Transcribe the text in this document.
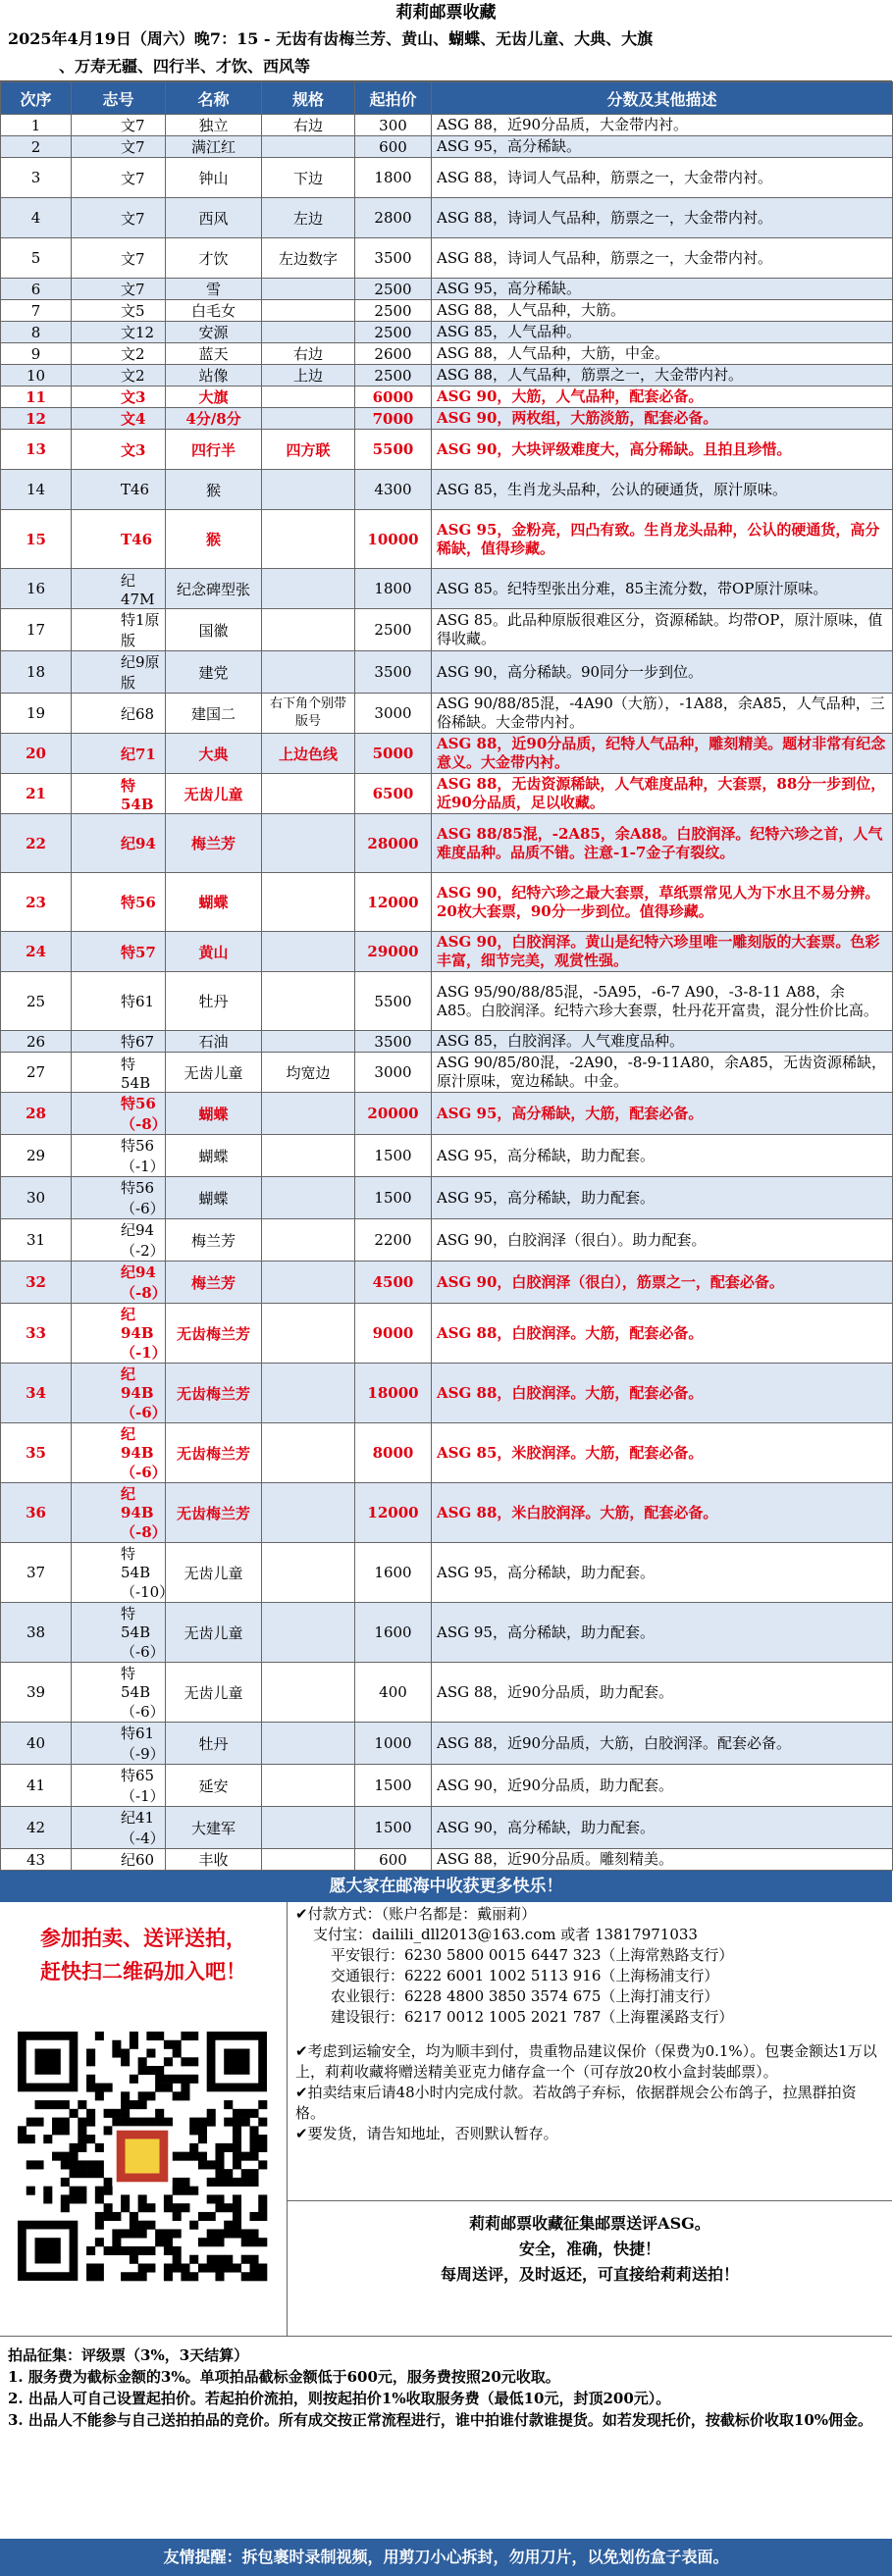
莉莉邮票收藏
2025年4月19日（周六）晚7：15 - 无齿有齿梅兰芳、黄山、蝴蝶、无齿儿童、大典、大旗
、万寿无疆、四行半、才饮、西风等
次序	志号	名称	规格	起拍价	分数及其他描述
1	文7	独立	右边	300	ASG 88，近90分品质，大金带内衬。
2	文7	满江红		600	ASG 95，高分稀缺。
3	文7	钟山	下边	1800	ASG 88，诗词人气品种，筋票之一，大金带内衬。
4	文7	西风	左边	2800	ASG 88，诗词人气品种，筋票之一，大金带内衬。
5	文7	才饮	左边数字	3500	ASG 88，诗词人气品种，筋票之一，大金带内衬。
6	文7	雪		2500	ASG 95，高分稀缺。
7	文5	白毛女		2500	ASG 88，人气品种，大筋。
8	文12	安源		2500	ASG 85，人气品种。
9	文2	蓝天	右边	2600	ASG 88，人气品种，大筋，中金。
10	文2	站像	上边	2500	ASG 88，人气品种，筋票之一，大金带内衬。
11	文3	大旗		6000	ASG 90，大筋，人气品种，配套必备。
12	文4	4分/8分		7000	ASG 90，两枚组，大筋淡筋，配套必备。
13	文3	四行半	四方联	5500	ASG 90，大块评级难度大，高分稀缺。且拍且珍惜。
14	T46	猴		4300	ASG 85，生肖龙头品种，公认的硬通货，原汁原味。
15	T46	猴		10000	ASG 95，金粉亮，四凸有致。生肖龙头品种，公认的硬通货，高分稀缺，值得珍藏。
16	纪47M	纪念碑型张		1800	ASG 85。纪特型张出分难，85主流分数，带OP原汁原味。
17	特1原版	国徽		2500	ASG 85。此品种原版很难区分，资源稀缺。均带OP，原汁原味，值得收藏。
18	纪9原版	建党		3500	ASG 90，高分稀缺。90同分一步到位。
19	纪68	建国二	右下角个别带版号	3000	ASG 90/88/85混，-4A90（大筋），-1A88，余A85，人气品种，三俗稀缺。大金带内衬。
20	纪71	大典	上边色线	5000	ASG 88，近90分品质，纪特人气品种，雕刻精美。题材非常有纪念意义。大金带内衬。
21	特54B	无齿儿童		6500	ASG 88，无齿资源稀缺，人气难度品种，大套票，88分一步到位，近90分品质，足以收藏。
22	纪94	梅兰芳		28000	ASG 88/85混，-2A85，余A88。白胶润泽。纪特六珍之首，人气难度品种。品质不错。注意-1-7金子有裂纹。
23	特56	蝴蝶		12000	ASG 90，纪特六珍之最大套票，草纸票常见人为下水且不易分辨。20枚大套票，90分一步到位。值得珍藏。
24	特57	黄山		29000	ASG 90，白胶润泽。黄山是纪特六珍里唯一雕刻版的大套票。色彩丰富，细节完美，观赏性强。
25	特61	牡丹		5500	ASG 95/90/88/85混，-5A95，-6-7 A90，-3-8-11 A88，余A85。白胶润泽。纪特六珍大套票，牡丹花开富贵，混分性价比高。
26	特67	石油		3500	ASG 85，白胶润泽。人气难度品种。
27	特54B	无齿儿童	均宽边	3000	ASG 90/85/80混，-2A90，-8-9-11A80，余A85，无齿资源稀缺，原汁原味，宽边稀缺。中金。
28	特56（-8）	蝴蝶		20000	ASG 95，高分稀缺，大筋，配套必备。
29	特56（-1）	蝴蝶		1500	ASG 95，高分稀缺，助力配套。
30	特56（-6）	蝴蝶		1500	ASG 95，高分稀缺，助力配套。
31	纪94（-2）	梅兰芳		2200	ASG 90，白胶润泽（很白）。助力配套。
32	纪94（-8）	梅兰芳		4500	ASG 90，白胶润泽（很白），筋票之一，配套必备。
33	纪94B（-1）	无齿梅兰芳		9000	ASG 88，白胶润泽。大筋，配套必备。
34	纪94B（-6）	无齿梅兰芳		18000	ASG 88，白胶润泽。大筋，配套必备。
35	纪94B（-6）	无齿梅兰芳		8000	ASG 85，米胶润泽。大筋，配套必备。
36	纪94B（-8）	无齿梅兰芳		12000	ASG 88，米白胶润泽。大筋，配套必备。
37	特54B（-10）	无齿儿童		1600	ASG 95，高分稀缺，助力配套。
38	特54B（-6）	无齿儿童		1600	ASG 95，高分稀缺，助力配套。
39	特54B（-6）	无齿儿童		400	ASG 88，近90分品质，助力配套。
40	特61（-9）	牡丹		1000	ASG 88，近90分品质，大筋，白胶润泽。配套必备。
41	特65（-1）	延安		1500	ASG 90，近90分品质，助力配套。
42	纪41（-4）	大建军		1500	ASG 90，高分稀缺，助力配套。
43	纪60	丰收		600	ASG 88，近90分品质。雕刻精美。
愿大家在邮海中收获更多快乐！
参加拍卖、送评送拍，
赶快扫二维码加入吧！
✔付款方式：（账户名都是：戴丽莉）
支付宝：dailili_dll2013@163.com 或者 13817971033
平安银行：6230 5800 0015 6447 323（上海常熟路支行）
交通银行：6222 6001 1002 5113 916（上海杨浦支行）
农业银行：6228 4800 3850 3574 675（上海打浦支行）
建设银行：6217 0012 1005 2021 787（上海瞿溪路支行）
✔考虑到运输安全，均为顺丰到付，贵重物品建议保价（保费为0.1%）。包裹金额达1万以上，莉莉收藏将赠送精美亚克力储存盒一个（可存放20枚小盒封装邮票）。
✔拍卖结束后请48小时内完成付款。若故鸽子弃标，依据群规会公布鸽子，拉黑群拍资格。
✔要发货，请告知地址，否则默认暂存。
莉莉邮票收藏征集邮票送评ASG。
安全，准确，快捷！
每周送评，及时返还，可直接给莉莉送拍！
拍品征集：评级票（3%，3天结算）
1. 服务费为截标金额的3%。单项拍品截标金额低于600元，服务费按照20元收取。
2. 出品人可自己设置起拍价。若起拍价流拍，则按起拍价1%收取服务费（最低10元，封顶200元）。
3. 出品人不能参与自己送拍拍品的竞价。所有成交按正常流程进行，谁中拍谁付款谁提货。如若发现托价，按截标价收取10%佣金。
友情提醒：拆包裹时录制视频，用剪刀小心拆封，勿用刀片，以免划伤盒子表面。
